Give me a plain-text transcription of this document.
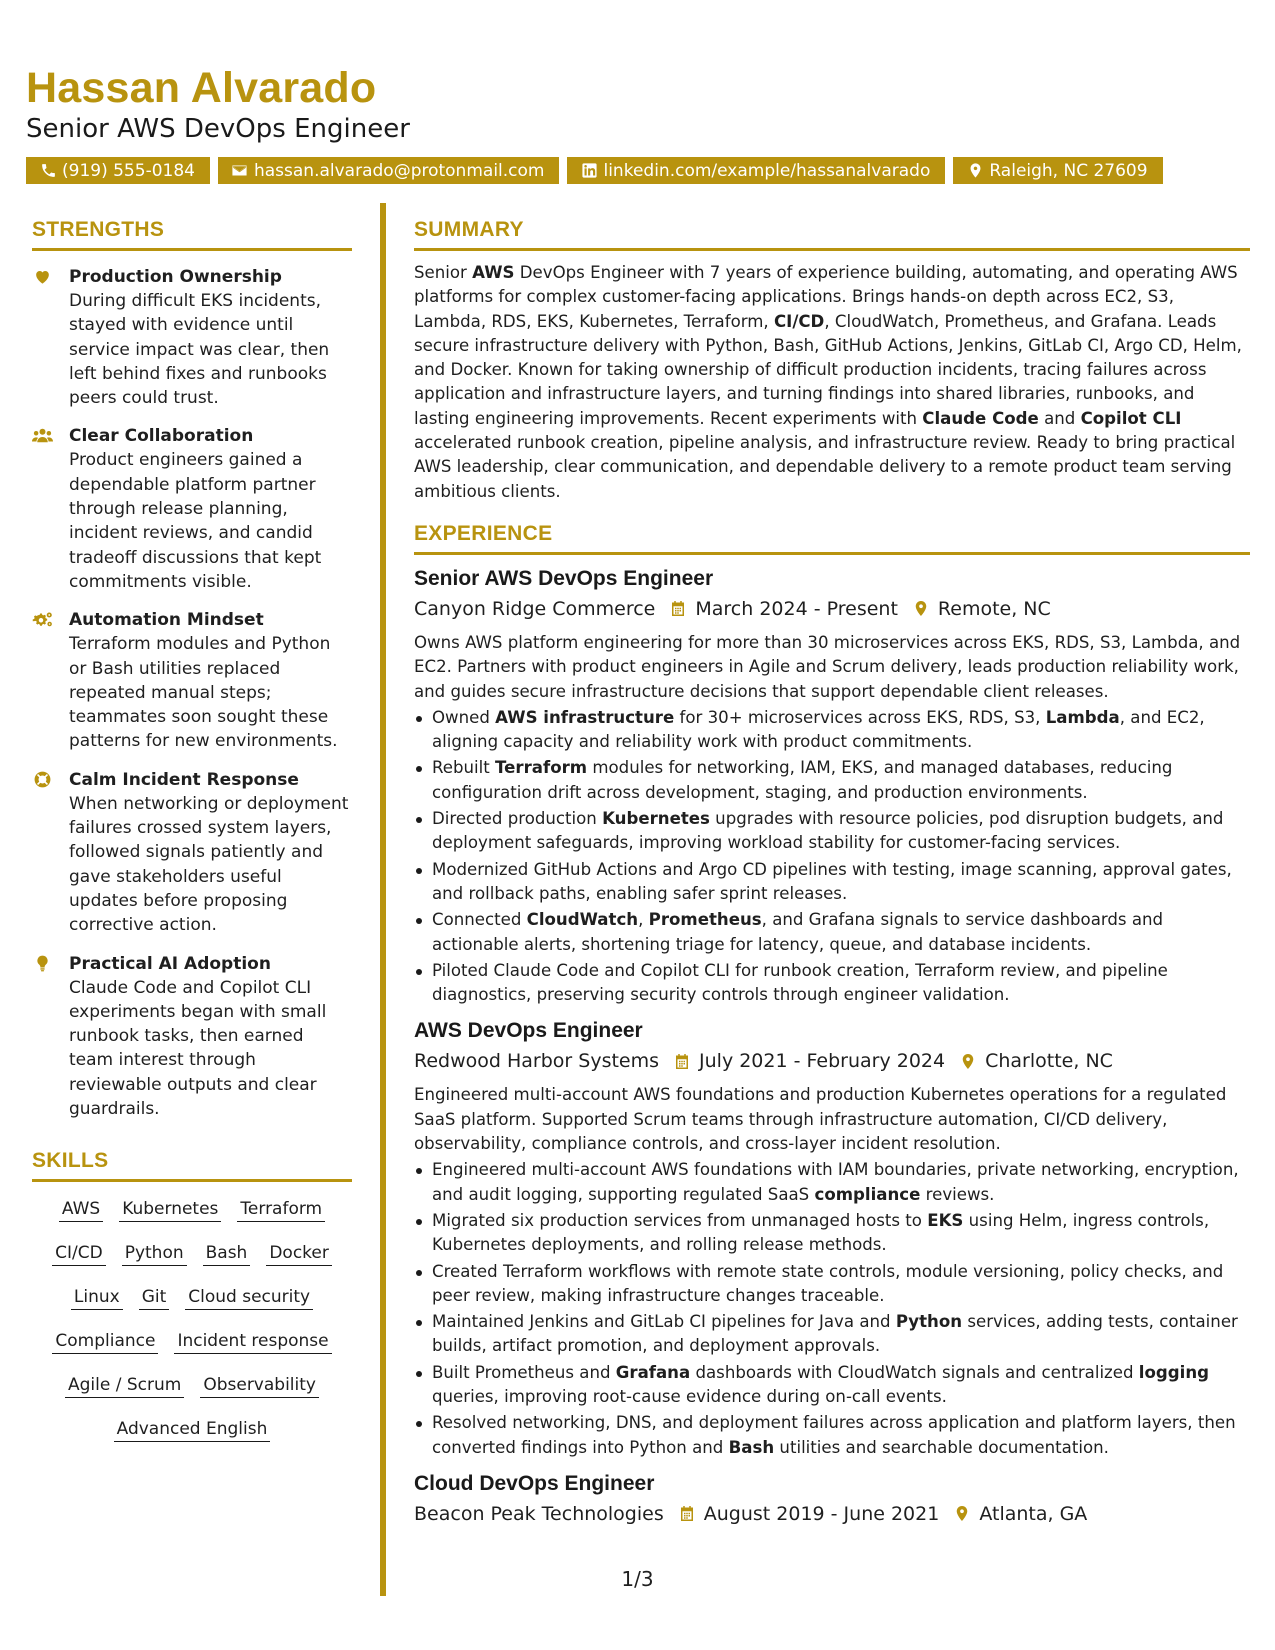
Hassan Alvarado
Senior AWS DevOps Engineer
(919) 555-0184	hassan.alvarado@protonmail.com	linkedin.com/example/hassanalvarado	Raleigh, NC 27609
STRENGTHS
Production Ownership
During difficult EKS incidents, stayed with evidence until service impact was clear, then left behind fixes and runbooks peers could trust.
Clear Collaboration
Product engineers gained a dependable platform partner through release planning, incident reviews, and candid tradeoff discussions that kept commitments visible.
Automation Mindset
Terraform modules and Python or Bash utilities replaced repeated manual steps; teammates soon sought these patterns for new environments.
Calm Incident Response
When networking or deployment failures crossed system layers, followed signals patiently and gave stakeholders useful updates before proposing corrective action.
Practical AI Adoption
Claude Code and Copilot CLI experiments began with small runbook tasks, then earned team interest through reviewable outputs and clear guardrails.
SKILLS
AWS Kubernetes Terraform
CI/CD Python Bash Docker
Linux Git Cloud security
Compliance Incident response
Agile / Scrum Observability
Advanced English
SUMMARY

Senior AWS DevOps Engineer with 7 years of experience building, automating, and operating AWS platforms for complex customer-facing applications. Brings hands-on depth across EC2, S3, Lambda, RDS, EKS, Kubernetes, Terraform, CI/CD, CloudWatch, Prometheus, and Grafana. Leads secure infrastructure delivery with Python, Bash, GitHub Actions, Jenkins, GitLab CI, Argo CD, Helm, and Docker. Known for taking ownership of difficult production incidents, tracing failures across application and infrastructure layers, and turning findings into shared libraries, runbooks, and lasting engineering improvements. Recent experiments with Claude Code and Copilot CLI accelerated runbook creation, pipeline analysis, and infrastructure review. Ready to bring practical AWS leadership, clear communication, and dependable delivery to a remote product team serving ambitious clients.

EXPERIENCE
Senior AWS DevOps Engineer
Canyon Ridge Commerce March 2024 - Present Remote, NC
Owns AWS platform engineering for more than 30 microservices across EKS, RDS, S3, Lambda, and EC2. Partners with product engineers in Agile and Scrum delivery, leads production reliability work, and guides secure infrastructure decisions that support dependable client releases.
Owned AWS infrastructure for 30+ microservices across EKS, RDS, S3, Lambda, and EC2, aligning capacity and reliability work with product commitments.
Rebuilt Terraform modules for networking, IAM, EKS, and managed databases, reducing configuration drift across development, staging, and production environments.
Directed production Kubernetes upgrades with resource policies, pod disruption budgets, and deployment safeguards, improving workload stability for customer-facing services.
Modernized GitHub Actions and Argo CD pipelines with testing, image scanning, approval gates, and rollback paths, enabling safer sprint releases.
Connected CloudWatch, Prometheus, and Grafana signals to service dashboards and actionable alerts, shortening triage for latency, queue, and database incidents.
Piloted Claude Code and Copilot CLI for runbook creation, Terraform review, and pipeline diagnostics, preserving security controls through engineer validation.
AWS DevOps Engineer
Redwood Harbor Systems July 2021 - February 2024 Charlotte, NC
Engineered multi-account AWS foundations and production Kubernetes operations for a regulated SaaS platform. Supported Scrum teams through infrastructure automation, CI/CD delivery, observability, compliance controls, and cross-layer incident resolution.
Engineered multi-account AWS foundations with IAM boundaries, private networking, encryption, and audit logging, supporting regulated SaaS compliance reviews.
Migrated six production services from unmanaged hosts to EKS using Helm, ingress controls, Kubernetes deployments, and rolling release methods.
Created Terraform workflows with remote state controls, module versioning, policy checks, and peer review, making infrastructure changes traceable.
Maintained Jenkins and GitLab CI pipelines for Java and Python services, adding tests, container builds, artifact promotion, and deployment approvals.
Built Prometheus and Grafana dashboards with CloudWatch signals and centralized logging queries, improving root-cause evidence during on-call events.
Resolved networking, DNS, and deployment failures across application and platform layers, then converted findings into Python and Bash utilities and searchable documentation.
Cloud DevOps Engineer
Beacon Peak Technologies August 2019 - June 2021 Atlanta, GA
1/3
